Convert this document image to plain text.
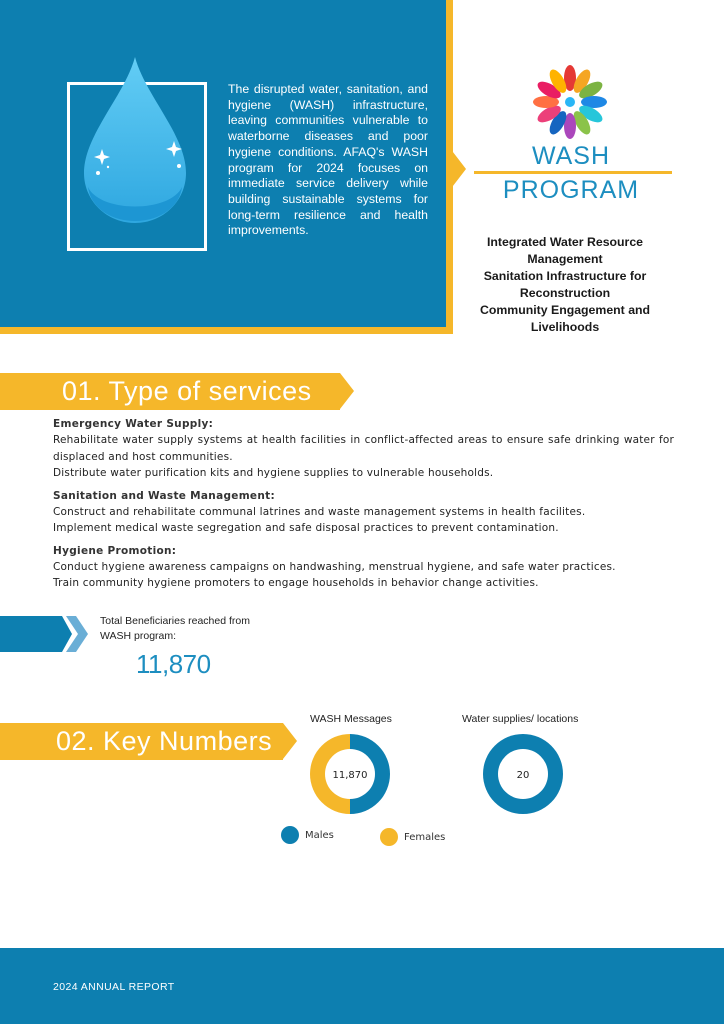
The disrupted water, sanitation, and hygiene (WASH) infrastructure, leaving communities vulnerable to waterborne diseases and poor hygiene conditions. AFAQ's WASH program for 2024 focuses on immediate service delivery while building sustainable systems for long-term resilience and health improvements.
WASH
PROGRAM
Integrated Water Resource Management
Sanitation Infrastructure for Reconstruction
Community Engagement and Livelihoods
01. Type of services
Emergency Water Supply:
Rehabilitate water supply systems at health facilities in conflict-affected areas to ensure safe drinking water for displaced and host communities.
Distribute water purification kits and hygiene supplies to vulnerable households.
Sanitation and Waste Management:
Construct and rehabilitate communal latrines and waste management systems in health facilites.
Implement medical waste segregation and safe disposal practices to prevent contamination.
Hygiene Promotion:
Conduct hygiene awareness campaigns on handwashing, menstrual hygiene, and safe water practices.
Train community hygiene promoters to engage households in behavior change activities.
Total Beneficiaries reached from WASH program:
11,870
02. Key Numbers
WASH Messages
11,870
Water supplies/ locations
20
Males	Females
2024 ANNUAL REPORT
